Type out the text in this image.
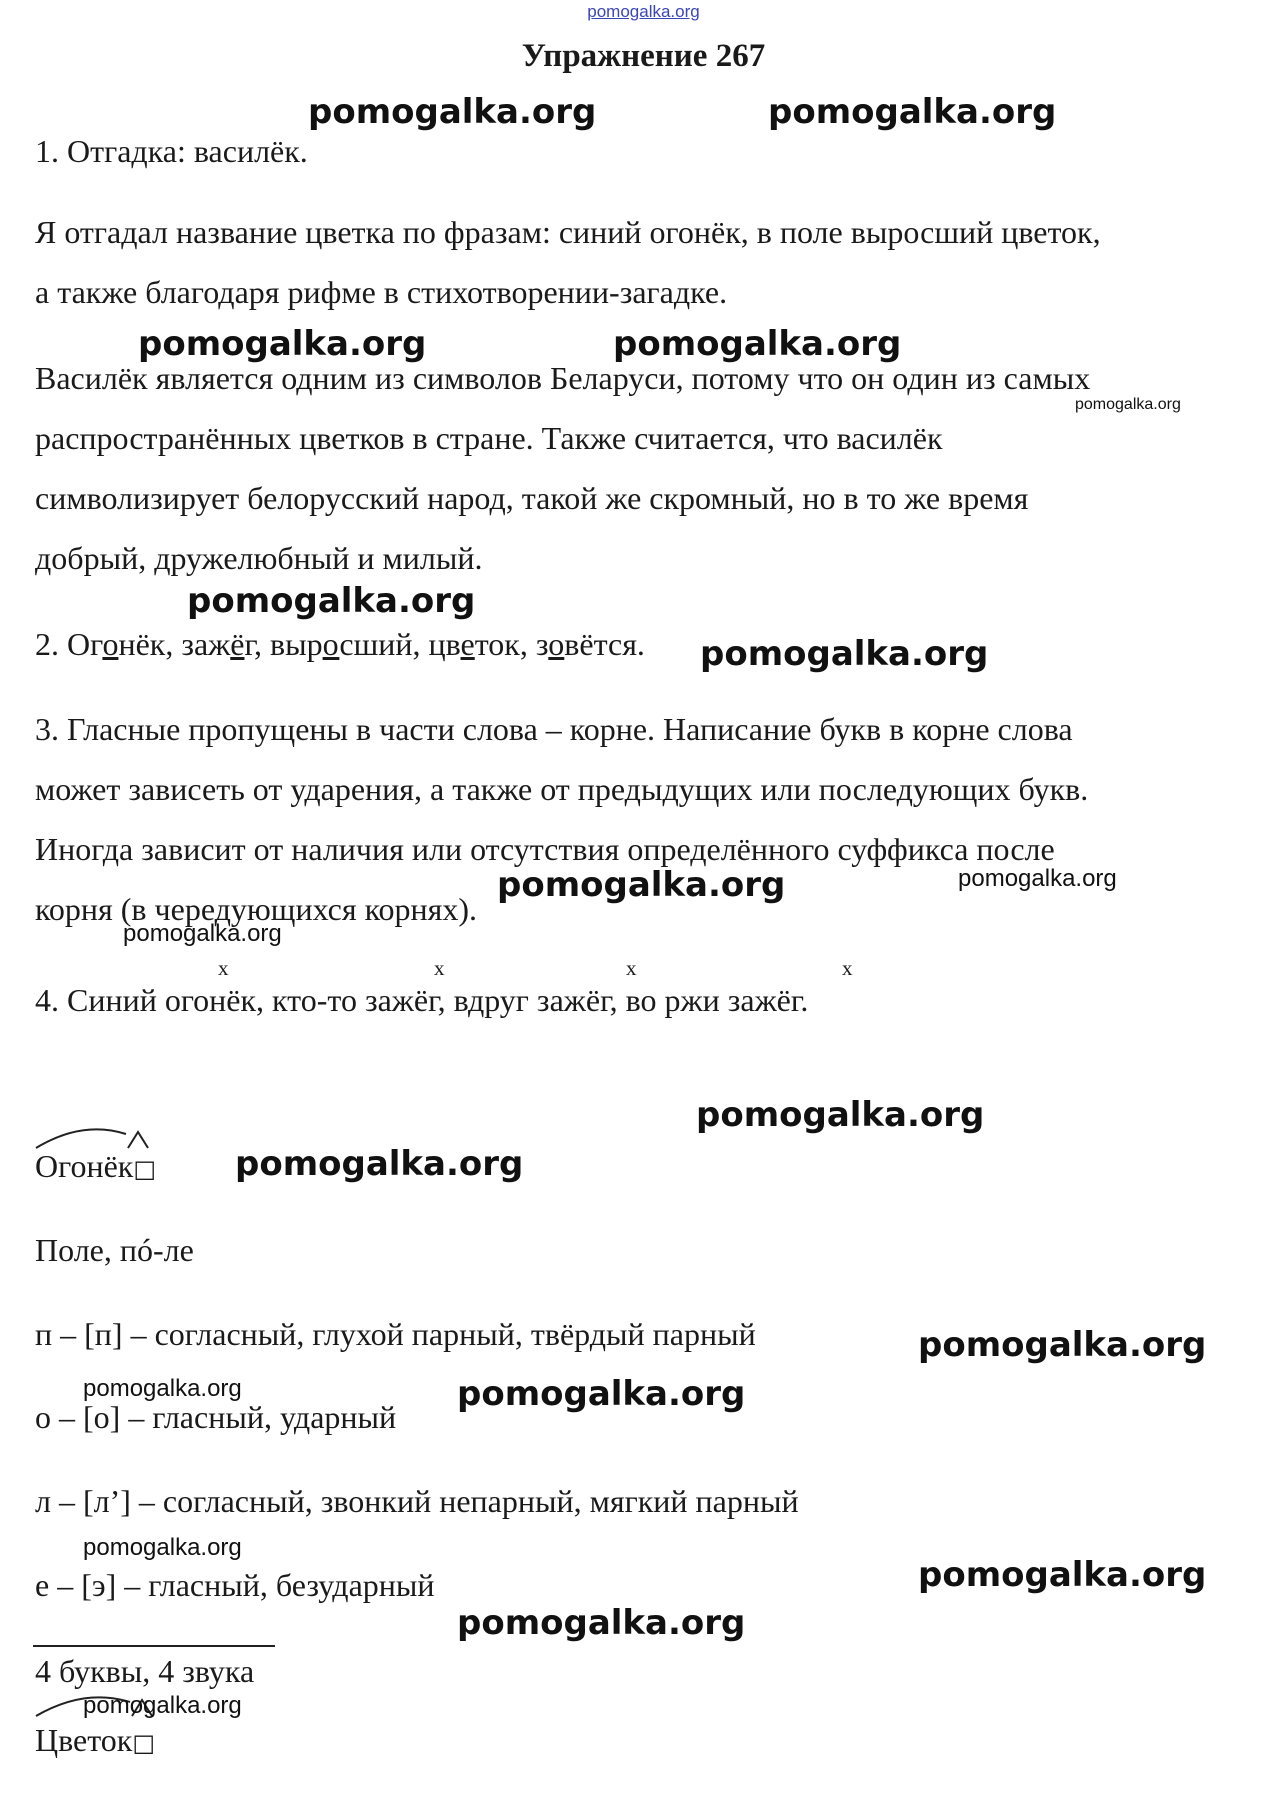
pomogalka.org
Упражнение 267
1. Отгадка: василёк.
Я отгадал название цветка по фразам: синий огонёк, в поле выросший цветок,
а также благодаря рифме в стихотворении-загадке.
Василёк является одним из символов Беларуси, потому что он один из самых
распространённых цветков в стране. Также считается, что василёк
символизирует белорусский народ, такой же скромный, но в то же время
добрый, дружелюбный и милый.
2. Огонёк, зажёг, выросший, цветок, зовётся.
3. Гласные пропущены в части слова – корне. Написание букв в корне слова
может зависеть от ударения, а также от предыдущих или последующих букв.
Иногда зависит от наличия или отсутствия определённого суффикса после
корня (в чередующихся корнях).
x	x	x	x
4. Синий огонёк, кто-то зажёг, вдруг зажёг, во ржи зажёг.
Огонёк□
Поле, пó-ле
п – [п] – согласный, глухой парный, твёрдый парный
о – [о] – гласный, ударный
л – [л’] – согласный, звонкий непарный, мягкий парный
е – [э] – гласный, безударный
4 буквы, 4 звука
Цветок□
pomogalka.org	pomogalka.org
pomogalka.org	pomogalka.org
pomogalka.org
pomogalka.org
pomogalka.org
pomogalka.org	pomogalka.org
pomogalka.org
pomogalka.org
pomogalka.org
pomogalka.org
pomogalka.org	pomogalka.org
pomogalka.org
pomogalka.org
pomogalka.org
pomogalka.org
